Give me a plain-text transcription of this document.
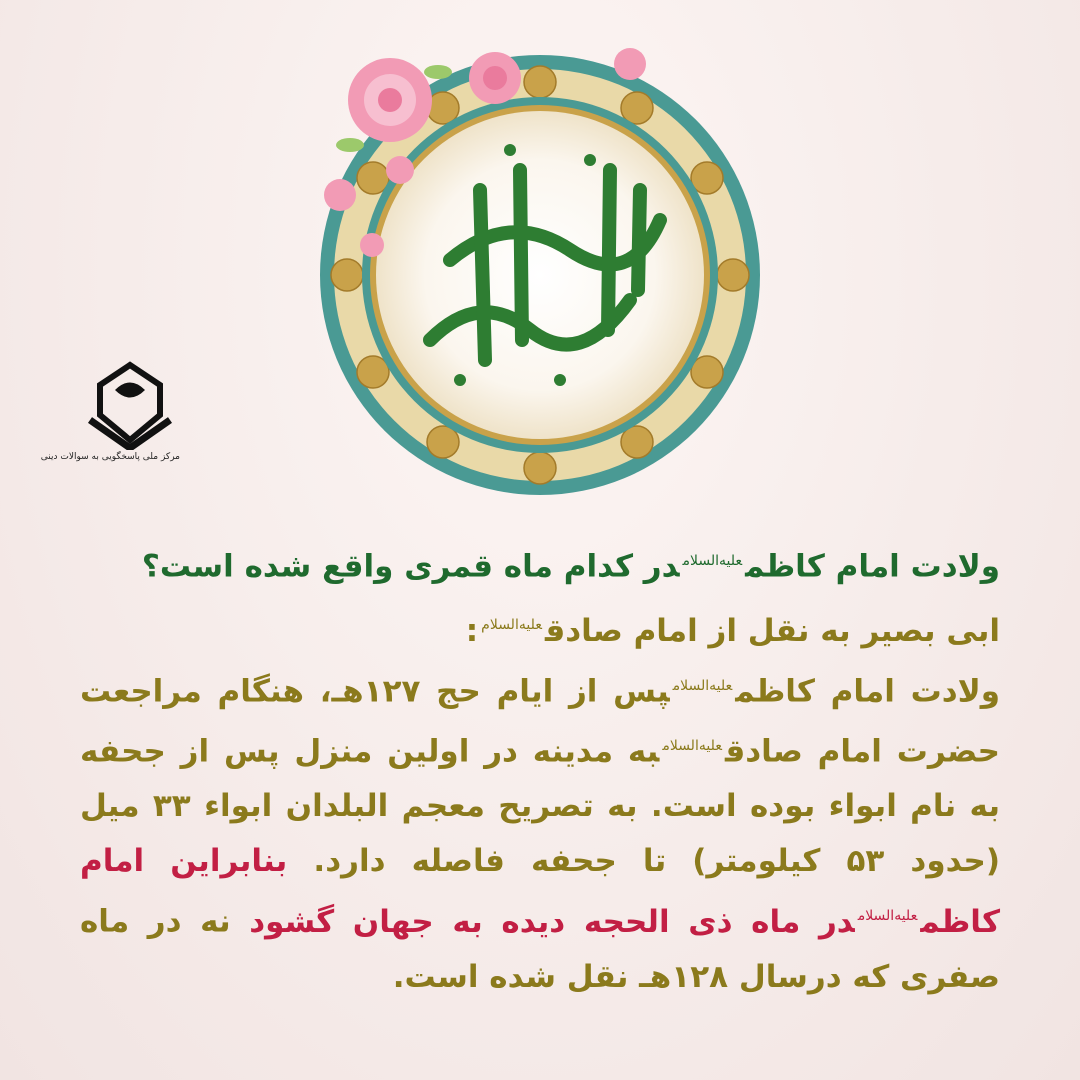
مرکز ملی پاسخگویی به سوالات دینی

ولادت امام کاظم$^{علیه‌السلام}$در کدام ماه قمری واقع شده است؟

ابی بصیر به نقل از امام صادق$^{علیه‌السلام}$:
ولادت امام کاظم$^{علیه‌السلام}$پس از ایام حج ۱۲۷هـ، هنگام مراجعت حضرت امام صادق$^{علیه‌السلام}$به مدینه در اولین منزل پس از جحفه به نام ابواء بوده است. به تصریح معجم البلدان ابواء ۳۳ میل (حدود ۵۳ کیلومتر) تا جحفه فاصله دارد. بنابراین امام کاظم$^{علیه‌السلام}$در ماه ذی الحجه دیده به جهان گشود نه در ماه صفری که درسال ۱۲۸هـ نقل شده است.
